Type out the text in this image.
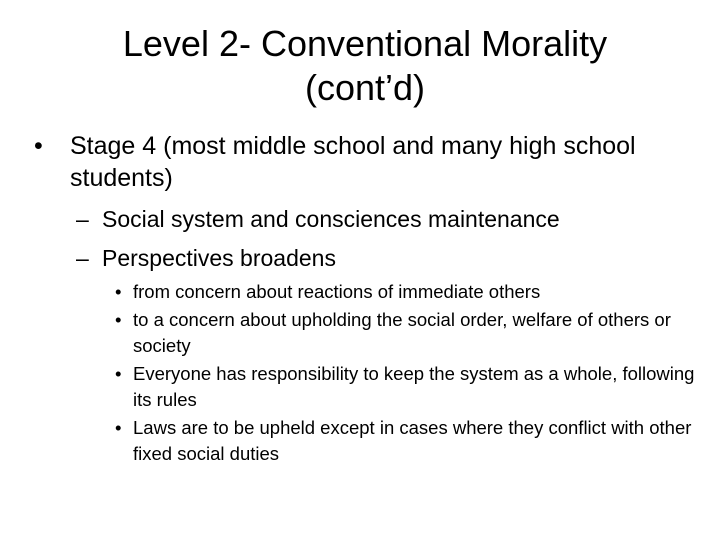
Level 2- Conventional Morality
(cont’d)
•	Stage 4 (most middle school and many high school students)
– Social system and consciences maintenance
– Perspectives broadens
• from concern about reactions of immediate others
• to a concern about upholding the social order, welfare of others or society
• Everyone has responsibility to keep the system as a whole, following its rules
• Laws are to be upheld except in cases where they conflict with other fixed social duties
